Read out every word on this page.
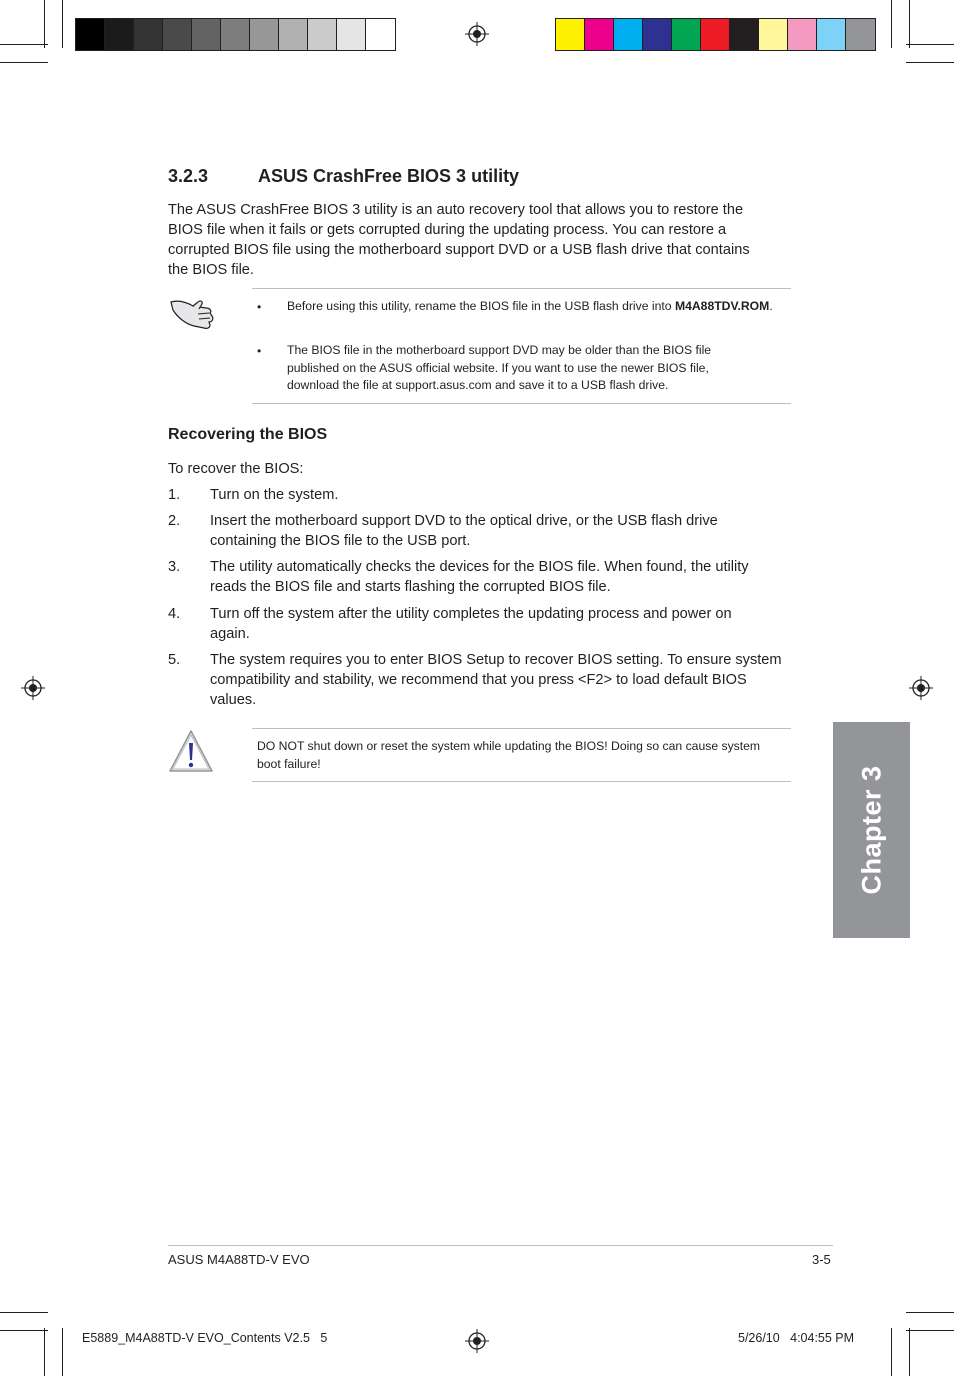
3.2.3	ASUS CrashFree BIOS 3 utility
The ASUS CrashFree BIOS 3 utility is an auto recovery tool that allows you to restore the BIOS file when it fails or gets corrupted during the updating process. You can restore a corrupted BIOS file using the motherboard support DVD or a USB flash drive that contains the BIOS file.
• Before using this utility, rename the BIOS file in the USB flash drive into M4A88TDV.ROM.
• The BIOS file in the motherboard support DVD may be older than the BIOS file published on the ASUS official website. If you want to use the newer BIOS file, download the file at support.asus.com and save it to a USB flash drive.
Recovering the BIOS
To recover the BIOS:
1. Turn on the system.
2. Insert the motherboard support DVD to the optical drive, or the USB flash drive containing the BIOS file to the USB port.
3. The utility automatically checks the devices for the BIOS file. When found, the utility reads the BIOS file and starts flashing the corrupted BIOS file.
4. Turn off the system after the utility completes the updating process and power on again.
5. The system requires you to enter BIOS Setup to recover BIOS setting. To ensure system compatibility and stability, we recommend that you press <F2> to load default BIOS values.
DO NOT shut down or reset the system while updating the BIOS! Doing so can cause system boot failure!
Chapter 3
ASUS M4A88TD-V EVO	3-5
E5889_M4A88TD-V EVO_Contents V2.5   5	5/26/10   4:04:55 PM
